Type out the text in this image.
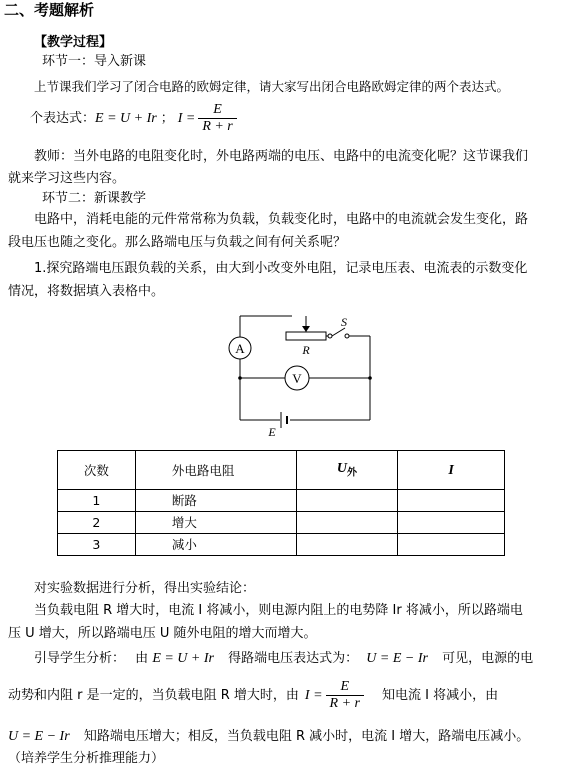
二、考题解析
【教学过程】
环节一：导入新课
上节课我们学习了闭合电路的欧姆定律，请大家写出闭合电路欧姆定律的两个表达式。
个表达式： E = U + Ir ； $I = \frac{E}{R + r}$
教师：当外电路的电阻变化时，外电路两端的电压、电路中的电流变化呢？这节课我们
就来学习这些内容。
环节二：新课教学
电路中，消耗电能的元件常常称为负载，负载变化时，电路中的电流就会发生变化，路
段电压也随之变化。那么路端电压与负载之间有何关系呢？
1.探究路端电压跟负载的关系，由大到小改变外电阻，记录电压表、电流表的示数变化
情况，将数据填入表格中。
A	R
S
V
E
次数	外电路电阻	$U_外$	I
1	断路		
2	增大		
3	减小		
对实验数据进行分析，得出实验结论：
当负载电阻 R 增大时，电流 I 将减小，则电源内阻上的电势降 Ir 将减小，所以路端电
压 U 增大，所以路端电压 U 随外电阻的增大而增大。
引导学生分析： 由 E = U + Ir 得路端电压表达式为： U = E − Ir 可见，电源的电
动势和内阻 r 是一定的，当负载电阻 R 增大时，由 $I = \frac{E}{R + r}$ 知电流 I 将减小，由
U = E − Ir 知路端电压增大；相反，当负载电阻 R 减小时，电流 I 增大，路端电压减小。
（培养学生分析推理能力）
